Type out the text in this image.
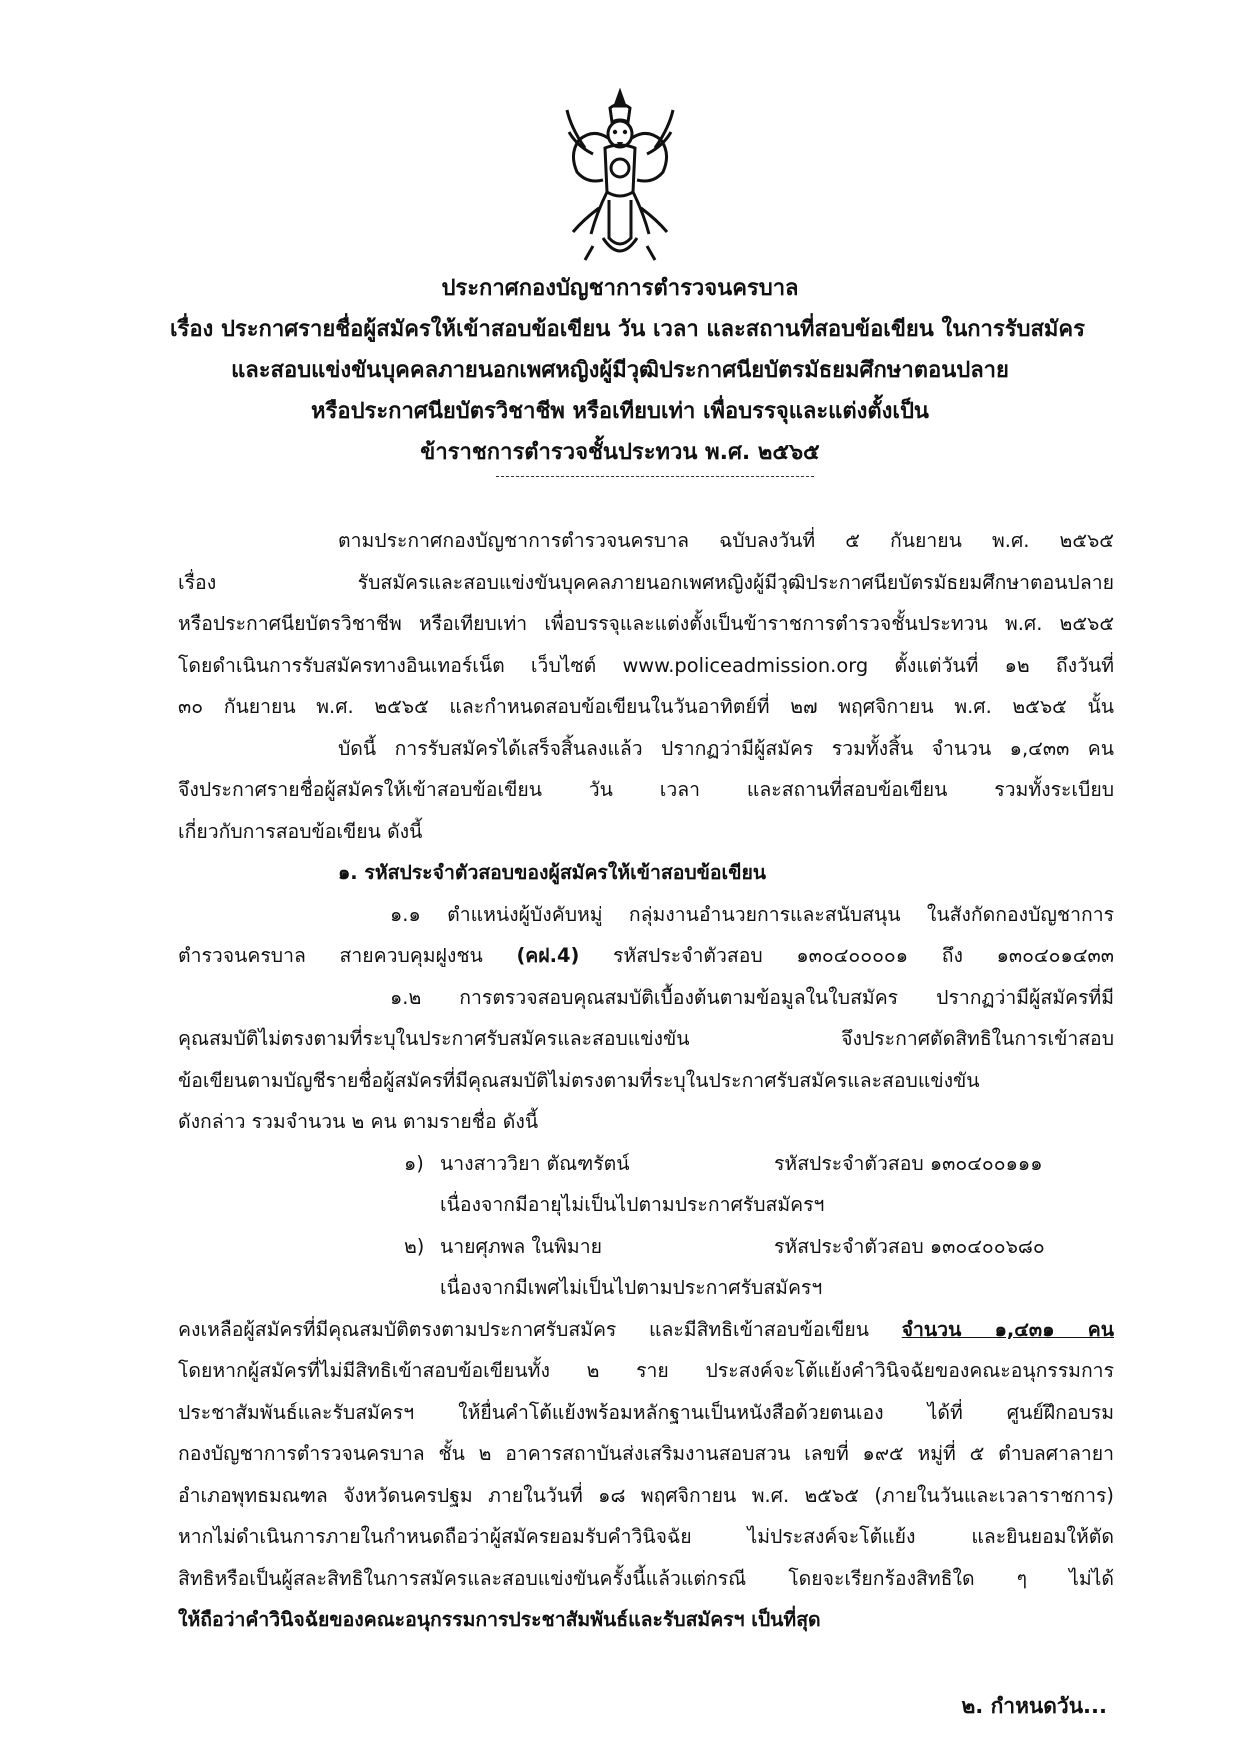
ประกาศกองบัญชาการตำรวจนครบาล
เรื่อง ประกาศรายชื่อผู้สมัครให้เข้าสอบข้อเขียน วัน เวลา และสถานที่สอบข้อเขียน ในการรับสมัคร
และสอบแข่งขันบุคคลภายนอกเพศหญิงผู้มีวุฒิประกาศนียบัตรมัธยมศึกษาตอนปลาย
หรือประกาศนียบัตรวิชาชีพ หรือเทียบเท่า เพื่อบรรจุและแต่งตั้งเป็น
ข้าราชการตำรวจชั้นประทวน พ.ศ. ๒๕๖๕
ตามประกาศกองบัญชาการตำรวจนครบาล ฉบับลงวันที่ ๕ กันยายน พ.ศ. ๒๕๖๕
เรื่อง รับสมัครและสอบแข่งขันบุคคลภายนอกเพศหญิงผู้มีวุฒิประกาศนียบัตรมัธยมศึกษาตอนปลาย
หรือประกาศนียบัตรวิชาชีพ หรือเทียบเท่า เพื่อบรรจุและแต่งตั้งเป็นข้าราชการตำรวจชั้นประทวน พ.ศ. ๒๕๖๕
โดยดำเนินการรับสมัครทางอินเทอร์เน็ต เว็บไซต์ www.policeadmission.org ตั้งแต่วันที่ ๑๒ ถึงวันที่
๓๐ กันยายน พ.ศ. ๒๕๖๕ และกำหนดสอบข้อเขียนในวันอาทิตย์ที่ ๒๗ พฤศจิกายน พ.ศ. ๒๕๖๕ นั้น
บัดนี้ การรับสมัครได้เสร็จสิ้นลงแล้ว ปรากฏว่ามีผู้สมัคร รวมทั้งสิ้น จำนวน ๑,๔๓๓ คน
จึงประกาศรายชื่อผู้สมัครให้เข้าสอบข้อเขียน วัน เวลา และสถานที่สอบข้อเขียน รวมทั้งระเบียบ
เกี่ยวกับการสอบข้อเขียน ดังนี้
๑. รหัสประจำตัวสอบของผู้สมัครให้เข้าสอบข้อเขียน
๑.๑ ตำแหน่งผู้บังคับหมู่ กลุ่มงานอำนวยการและสนับสนุน ในสังกัดกองบัญชาการ
ตำรวจนครบาล สายควบคุมฝูงชน (คฝ.4) รหัสประจำตัวสอบ ๑๓๐๔๐๐๐๐๑ ถึง ๑๓๐๔๐๑๔๓๓
๑.๒ การตรวจสอบคุณสมบัติเบื้องต้นตามข้อมูลในใบสมัคร ปรากฏว่ามีผู้สมัครที่มี
คุณสมบัติไม่ตรงตามที่ระบุในประกาศรับสมัครและสอบแข่งขัน จึงประกาศตัดสิทธิในการเข้าสอบ
ข้อเขียนตามบัญชีรายชื่อผู้สมัครที่มีคุณสมบัติไม่ตรงตามที่ระบุในประกาศรับสมัครและสอบแข่งขัน
ดังกล่าว รวมจำนวน ๒ คน ตามรายชื่อ ดังนี้
๑) นางสาววิยา ตัณฑรัตน์	รหัสประจำตัวสอบ ๑๓๐๔๐๐๑๑๑
เนื่องจากมีอายุไม่เป็นไปตามประกาศรับสมัครฯ
๒) นายศุภพล ในพิมาย	รหัสประจำตัวสอบ ๑๓๐๔๐๐๖๘๐
เนื่องจากมีเพศไม่เป็นไปตามประกาศรับสมัครฯ
คงเหลือผู้สมัครที่มีคุณสมบัติตรงตามประกาศรับสมัคร และมีสิทธิเข้าสอบข้อเขียน จำนวน ๑,๔๓๑ คน
โดยหากผู้สมัครที่ไม่มีสิทธิเข้าสอบข้อเขียนทั้ง ๒ ราย ประสงค์จะโต้แย้งคำวินิจฉัยของคณะอนุกรรมการ
ประชาสัมพันธ์และรับสมัครฯ ให้ยื่นคำโต้แย้งพร้อมหลักฐานเป็นหนังสือด้วยตนเอง ได้ที่ ศูนย์ฝึกอบรม
กองบัญชาการตำรวจนครบาล ชั้น ๒ อาคารสถาบันส่งเสริมงานสอบสวน เลขที่ ๑๙๕ หมู่ที่ ๕ ตำบลศาลายา
อำเภอพุทธมณฑล จังหวัดนครปฐม ภายในวันที่ ๑๘ พฤศจิกายน พ.ศ. ๒๕๖๕ (ภายในวันและเวลาราชการ)
หากไม่ดำเนินการภายในกำหนดถือว่าผู้สมัครยอมรับคำวินิจฉัย ไม่ประสงค์จะโต้แย้ง และยินยอมให้ตัด
สิทธิหรือเป็นผู้สละสิทธิในการสมัครและสอบแข่งขันครั้งนี้แล้วแต่กรณี โดยจะเรียกร้องสิทธิใด ๆ ไม่ได้
ให้ถือว่าคำวินิจฉัยของคณะอนุกรรมการประชาสัมพันธ์และรับสมัครฯ เป็นที่สุด
๒. กำหนดวัน...
